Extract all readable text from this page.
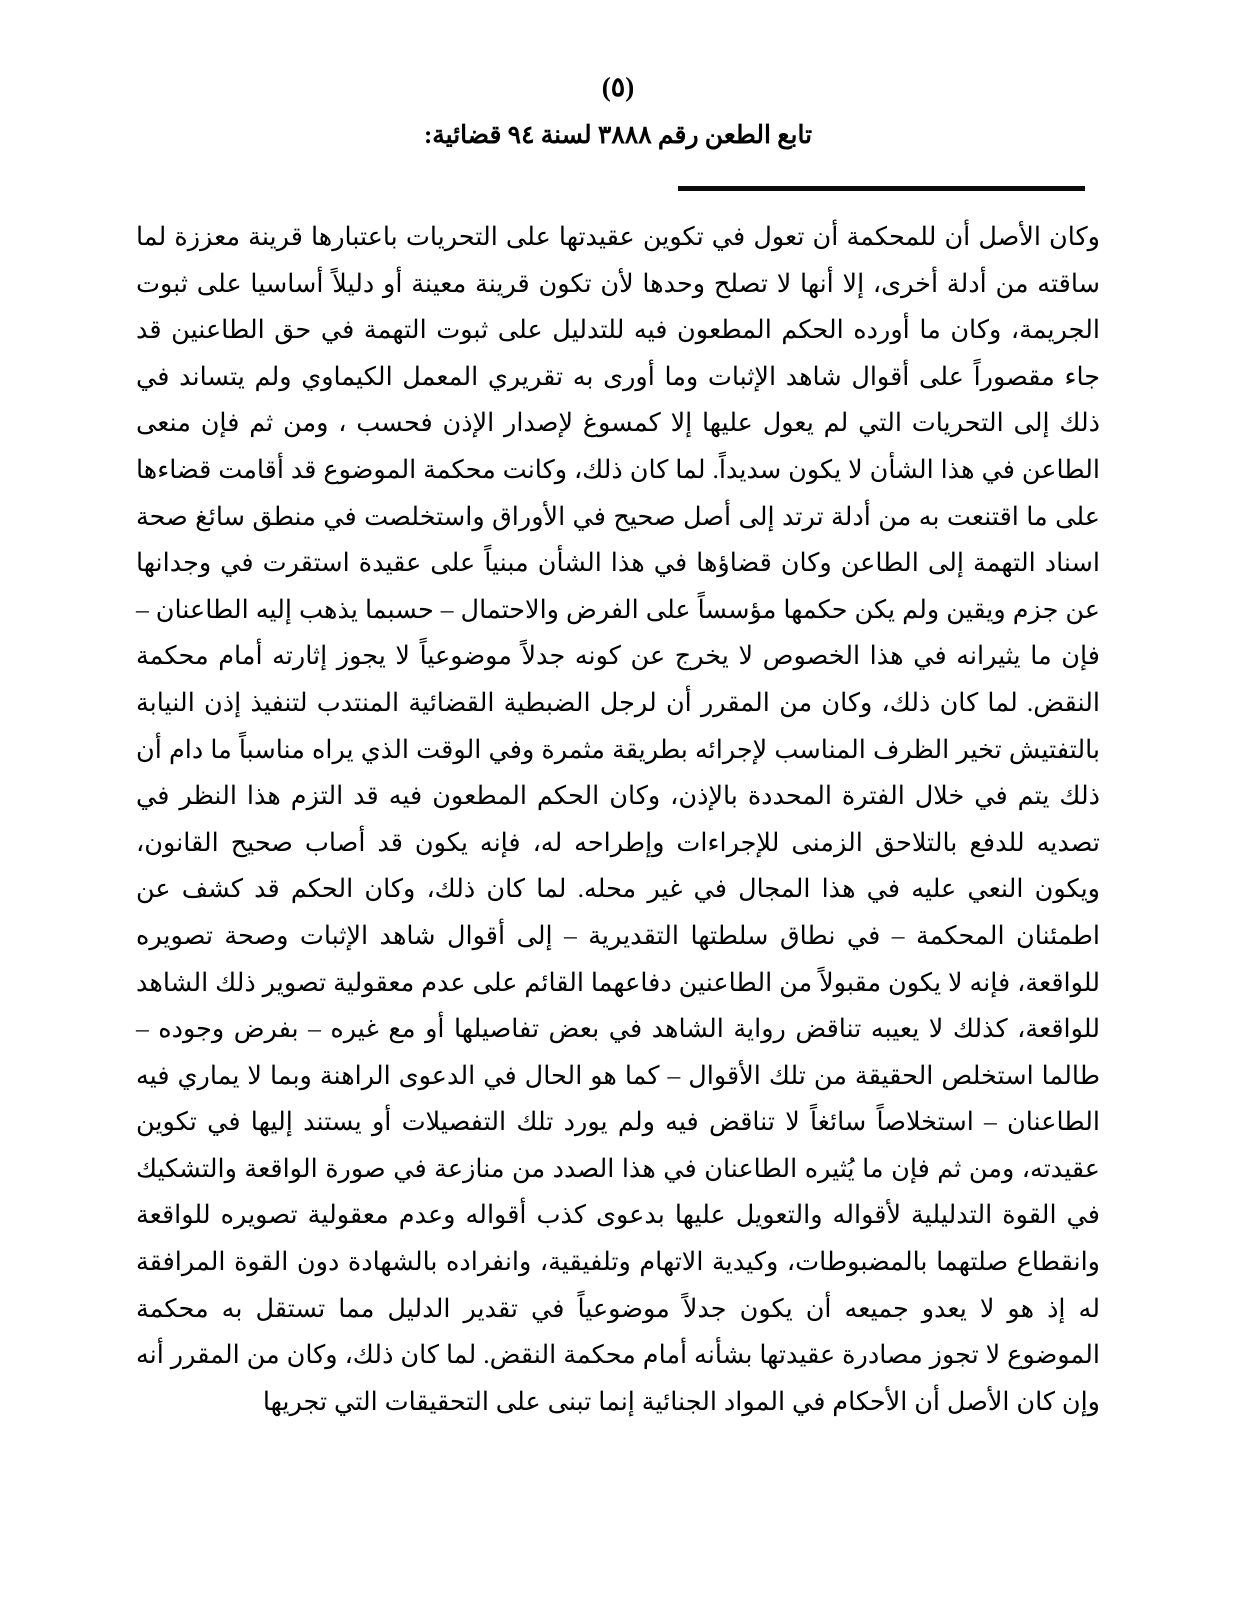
(٥)
تابع الطعن رقم ٣٨٨٨ لسنة ٩٤ قضائية:

وكان الأصل أن للمحكمة أن تعول في تكوين عقيدتها على التحريات باعتبارها قرينة معززة لما ساقته من أدلة أخرى، إلا أنها لا تصلح وحدها لأن تكون قرينة معينة أو دليلاً أساسيا على ثبوت الجريمة، وكان ما أورده الحكم المطعون فيه للتدليل على ثبوت التهمة في حق الطاعنين قد جاء مقصوراً على أقوال شاهد الإثبات وما أورى به تقريري المعمل الكيماوي ولم يتساند في ذلك إلى التحريات التي لم يعول عليها إلا كمسوغ لإصدار الإذن فحسب ، ومن ثم فإن منعى الطاعن في هذا الشأن لا يكون سديداً. لما كان ذلك، وكانت محكمة الموضوع قد أقامت قضاءها على ما اقتنعت به من أدلة ترتد إلى أصل صحيح في الأوراق واستخلصت في منطق سائغ صحة اسناد التهمة إلى الطاعن وكان قضاؤها في هذا الشأن مبنياً على عقيدة استقرت في وجدانها عن جزم ويقين ولم يكن حكمها مؤسساً على الفرض والاحتمال – حسبما يذهب إليه الطاعنان – فإن ما يثيرانه في هذا الخصوص لا يخرج عن كونه جدلاً موضوعياً لا يجوز إثارته أمام محكمة النقض. لما كان ذلك، وكان من المقرر أن لرجل الضبطية القضائية المنتدب لتنفيذ إذن النيابة بالتفتيش تخير الظرف المناسب لإجرائه بطريقة مثمرة وفي الوقت الذي يراه مناسباً ما دام أن ذلك يتم في خلال الفترة المحددة بالإذن، وكان الحكم المطعون فيه قد التزم هذا النظر في تصديه للدفع بالتلاحق الزمنى للإجراءات وإطراحه له، فإنه يكون قد أصاب صحيح القانون، ويكون النعي عليه في هذا المجال في غير محله. لما كان ذلك، وكان الحكم قد كشف عن اطمئنان المحكمة – في نطاق سلطتها التقديرية – إلى أقوال شاهد الإثبات وصحة تصويره للواقعة، فإنه لا يكون مقبولاً من الطاعنين دفاعهما القائم على عدم معقولية تصوير ذلك الشاهد للواقعة، كذلك لا يعيبه تناقض رواية الشاهد في بعض تفاصيلها أو مع غيره – بفرض وجوده – طالما استخلص الحقيقة من تلك الأقوال – كما هو الحال في الدعوى الراهنة وبما لا يماري فيه الطاعنان – استخلاصاً سائغاً لا تناقض فيه ولم يورد تلك التفصيلات أو يستند إليها في تكوين عقيدته، ومن ثم فإن ما يُثيره الطاعنان في هذا الصدد من منازعة في صورة الواقعة والتشكيك في القوة التدليلية لأقواله والتعويل عليها بدعوى كذب أقواله وعدم معقولية تصويره للواقعة وانقطاع صلتهما بالمضبوطات، وكيدية الاتهام وتلفيقية، وانفراده بالشهادة دون القوة المرافقة له إذ هو لا يعدو جميعه أن يكون جدلاً موضوعياً في تقدير الدليل مما تستقل به محكمة الموضوع لا تجوز مصادرة عقيدتها بشأنه أمام محكمة النقض. لما كان ذلك، وكان من المقرر أنه وإن كان الأصل أن الأحكام في المواد الجنائية إنما تبنى على التحقيقات التي تجريها
